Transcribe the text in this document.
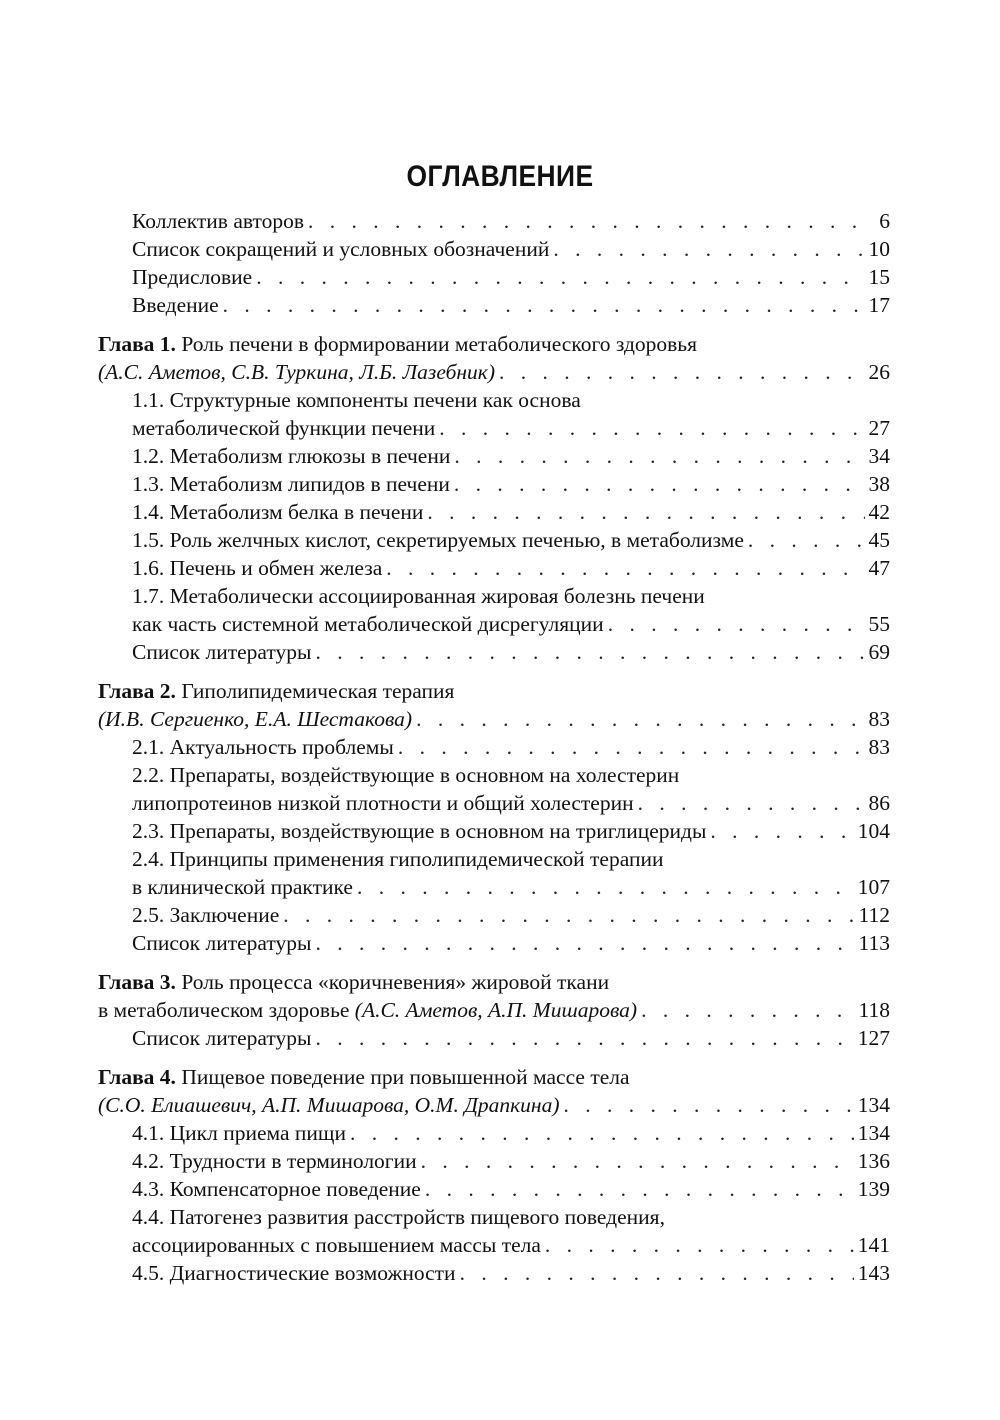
ОГЛАВЛЕНИЕ
Коллектив авторов . . .	6
Список сокращений и условных обозначений . . .	10
Предисловие . . .	15
Введение . . .	17
Глава 1. Роль печени в формировании метаболического здоровья
(А.С. Аметов, С.В. Туркина, Л.Б. Лазебник) . . .	26
1.1. Структурные компоненты печени как основа
метаболической функции печени . . .	27
1.2. Метаболизм глюкозы в печени . . .	34
1.3. Метаболизм липидов в печени . . .	38
1.4. Метаболизм белка в печени . . .	42
1.5. Роль желчных кислот, секретируемых печенью, в метаболизме . . .	45
1.6. Печень и обмен железа . . .	47
1.7. Метаболически ассоциированная жировая болезнь печени
как часть системной метаболической дисрегуляции . . .	55
Список литературы . . .	69
Глава 2. Гиполипидемическая терапия
(И.В. Сергиенко, Е.А. Шестакова) . . .	83
2.1. Актуальность проблемы . . .	83
2.2. Препараты, воздействующие в основном на холестерин
липопротеинов низкой плотности и общий холестерин . . .	86
2.3. Препараты, воздействующие в основном на триглицериды . . .	104
2.4. Принципы применения гиполипидемической терапии
в клинической практике . . .	107
2.5. Заключение . . .	112
Список литературы . . .	113
Глава 3. Роль процесса «коричневения» жировой ткани
в метаболическом здоровье
(А.С. Аметов, А.П. Мишарова) . . .	118
Список литературы . . .	127
Глава 4. Пищевое поведение при повышенной массе тела
(С.О. Елиашевич, А.П. Мишарова, О.М. Драпкина) . . .	134
4.1. Цикл приема пищи . . .	134
4.2. Трудности в терминологии . . .	136
4.3. Компенсаторное поведение . . .	139
4.4. Патогенез развития расстройств пищевого поведения,
ассоциированных с повышением массы тела . . .	141
4.5. Диагностические возможности . . .	143
